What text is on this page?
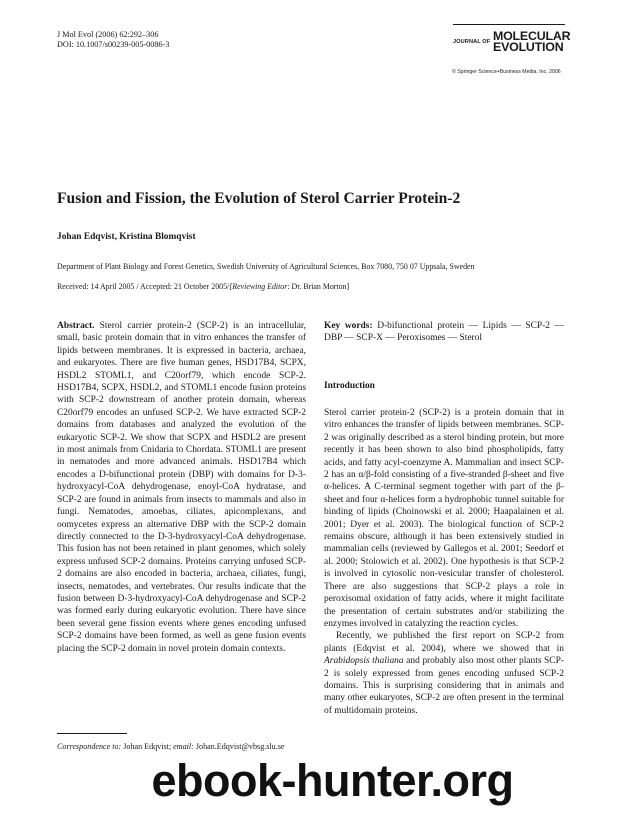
J Mol Evol (2006) 62:292–306
DOI: 10.1007/s00239-005-0086-3	JOURNAL OF MOLECULAR
EVOLUTION
© Springer Science+Business Media, Inc. 2006
Fusion and Fission, the Evolution of Sterol Carrier Protein-2
Johan Edqvist, Kristina Blomqvist
Department of Plant Biology and Forest Genetics, Swedish University of Agricultural Sciences, Box 7080, 750 07 Uppsala, Sweden
Received: 14 April 2005 / Accepted: 21 October 2005/[Reviewing Editor: Dr. Brian Morton]
Abstract. Sterol carrier protein-2 (SCP-2) is an intracellular, small, basic protein domain that in vitro enhances the transfer of lipids between membranes. It is expressed in bacteria, archaea, and eukaryotes. There are five human genes, HSD17B4, SCPX, HSDL2 STOML1, and C20orf79, which encode SCP-2. HSD17B4, SCPX, HSDL2, and STOML1 encode fusion proteins with SCP-2 downstream of another protein domain, whereas C20orf79 encodes an unfused SCP-2. We have extracted SCP-2 domains from databases and analyzed the evolution of the eukaryotic SCP-2. We show that SCPX and HSDL2 are present in most animals from Cnidaria to Chordata. STOML1 are present in nematodes and more advanced animals. HSD17B4 which encodes a D-bifunctional protein (DBP) with domains for D-3-hydroxyacyl-CoA dehydrogenase, enoyl-CoA hydratase, and SCP-2 are found in animals from insects to mammals and also in fungi. Nematodes, amoebas, ciliates, apicomplexans, and oomycetes express an alternative DBP with the SCP-2 domain directly connected to the D-3-hydroxyacyl-CoA dehydrogenase. This fusion has not been retained in plant genomes, which solely express unfused SCP-2 domains. Proteins carrying unfused SCP-2 domains are also encoded in bacteria, archaea, ciliates, fungi, insects, nematodes, and vertebrates. Our results indicate that the fusion between D-3-hydroxyacyl-CoA dehydrogenase and SCP-2 was formed early during eukaryotic evolution. There have since been several gene fission events where genes encoding unfused SCP-2 domains have been formed, as well as gene fusion events placing the SCP-2 domain in novel protein domain contexts.
Key words: D-bifunctional protein — Lipids — SCP-2 — DBP — SCP-X — Peroxisomes — Sterol
Introduction

Sterol carrier protein-2 (SCP-2) is a protein domain that in vitro enhances the transfer of lipids between membranes. SCP-2 was originally described as a sterol binding protein, but more recently it has been shown to also bind phospholipids, fatty acids, and fatty acyl-coenzyme A. Mammalian and insect SCP-2 has an α/β-fold consisting of a five-stranded β-sheet and five α-helices. A C-terminal segment together with part of the β-sheet and four α-helices form a hydrophobic tunnel suitable for binding of lipids (Choinowski et al. 2000; Haapalainen et al. 2001; Dyer et al. 2003). The biological function of SCP-2 remains obscure, although it has been extensively studied in mammalian cells (reviewed by Gallegos et al. 2001; Seedorf et al. 2000; Stolowich et al. 2002). One hypothesis is that SCP-2 is involved in cytosolic non-vesicular transfer of cholesterol. There are also suggestions that SCP-2 plays a role in peroxisomal oxidation of fatty acids, where it might facilitate the presentation of certain substrates and/or stabilizing the enzymes involved in catalyzing the reaction cycles.

Recently, we published the first report on SCP-2 from plants (Edqvist et al. 2004), where we showed that in Arabidopsis thaliana and probably also most other plants SCP-2 is solely expressed from genes encoding unfused SCP-2 domains. This is surprising considering that in animals and many other eukaryotes, SCP-2 are often present in the terminal of multidomain proteins.

Correspondence to: Johan Edqvist; email: Johan.Edqvist@vbsg.slu.se
ebook-hunter.org
